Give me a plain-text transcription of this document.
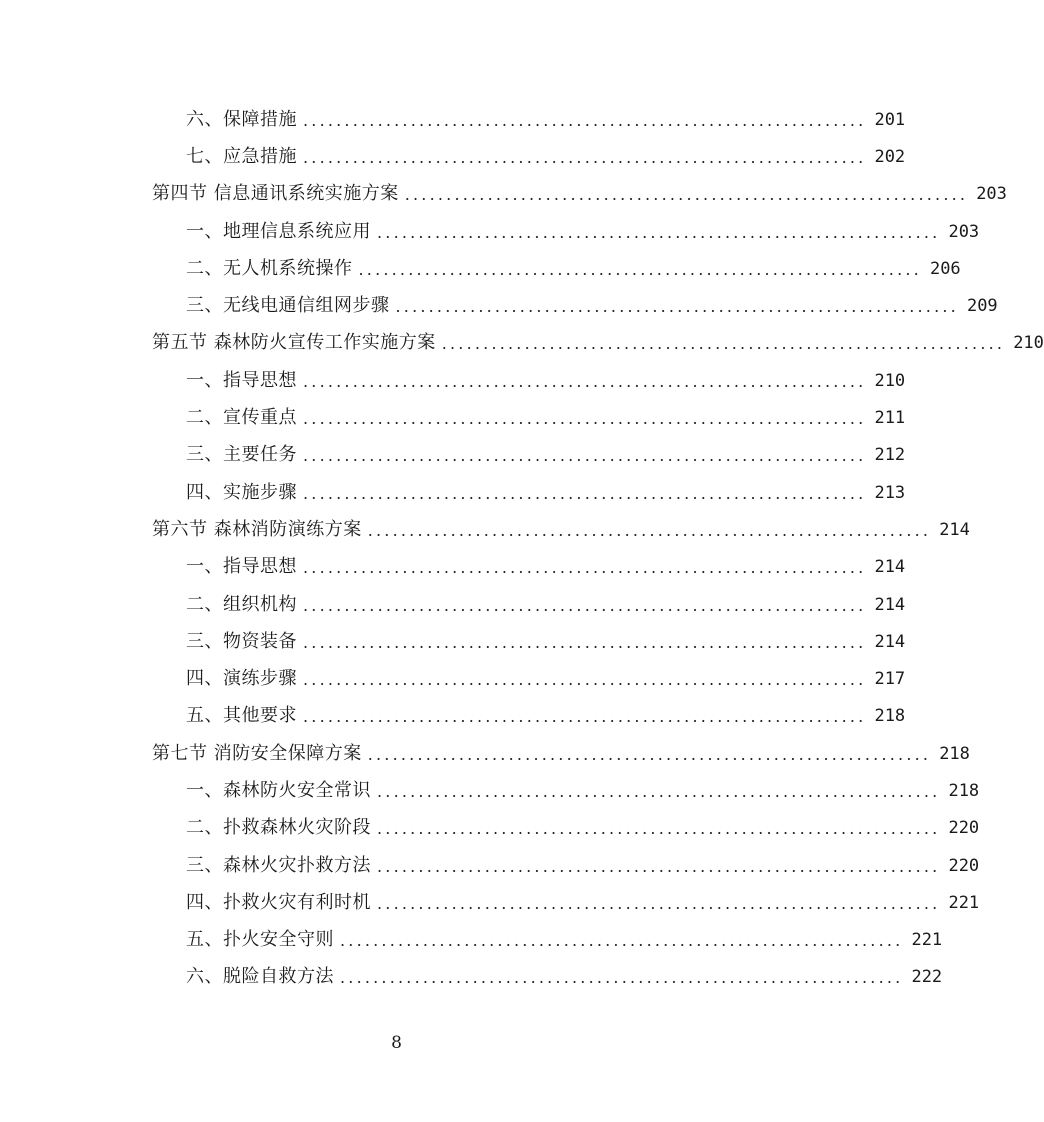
六、保障措施 .................................................................... 201
七、应急措施 .................................................................... 202
第四节 信息通讯系统实施方案 .................................................................... 203
一、地理信息系统应用 .................................................................... 203
二、无人机系统操作 .................................................................... 206
三、无线电通信组网步骤 .................................................................... 209
第五节 森林防火宣传工作实施方案 .................................................................... 210
一、指导思想 .................................................................... 210
二、宣传重点 .................................................................... 211
三、主要任务 .................................................................... 212
四、实施步骤 .................................................................... 213
第六节 森林消防演练方案 .................................................................... 214
一、指导思想 .................................................................... 214
二、组织机构 .................................................................... 214
三、物资装备 .................................................................... 214
四、演练步骤 .................................................................... 217
五、其他要求 .................................................................... 218
第七节 消防安全保障方案 .................................................................... 218
一、森林防火安全常识 .................................................................... 218
二、扑救森林火灾阶段 .................................................................... 220
三、森林火灾扑救方法 .................................................................... 220
四、扑救火灾有利时机 .................................................................... 221
五、扑火安全守则 .................................................................... 221
六、脱险自救方法 .................................................................... 222
8
